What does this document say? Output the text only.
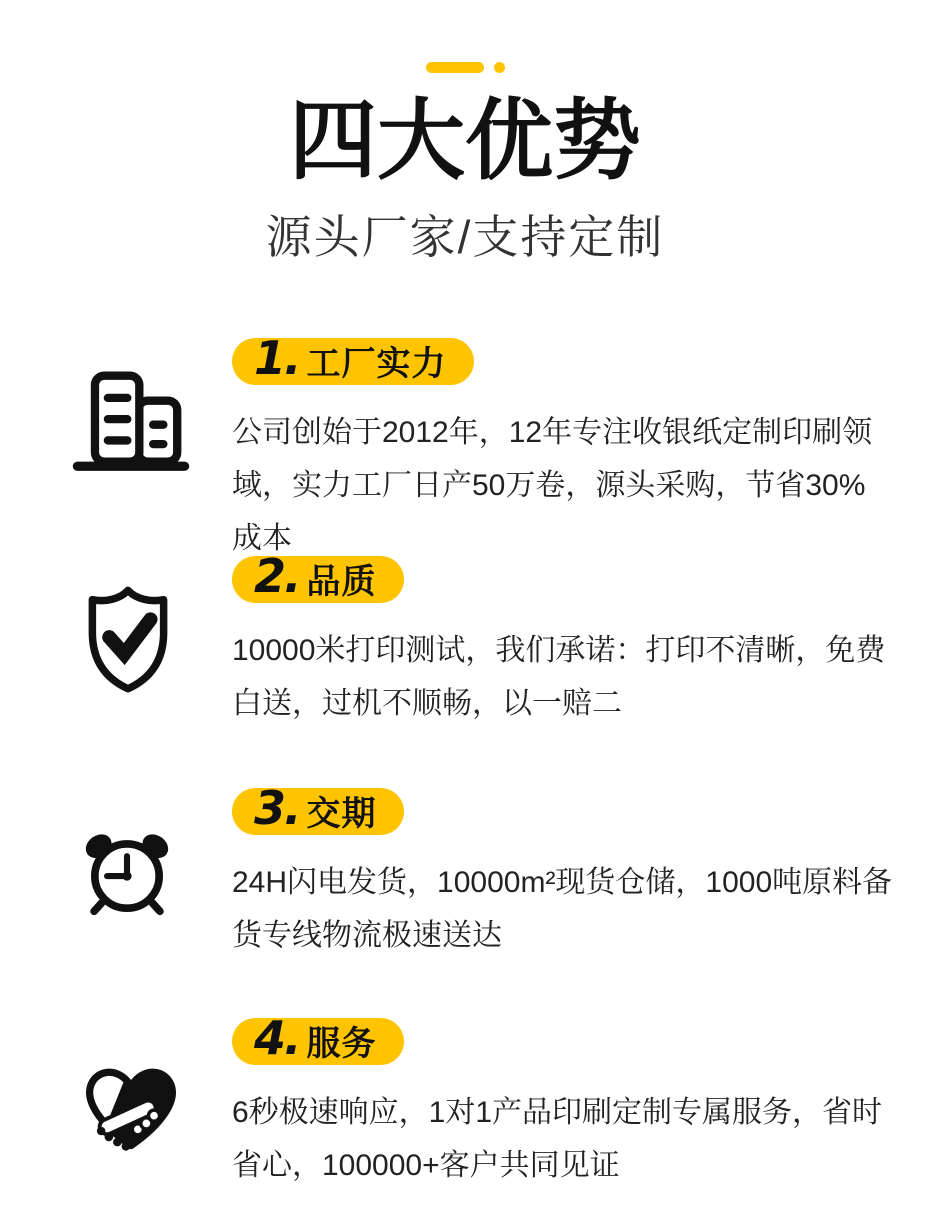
四大优势

源头厂家/支持定制

1. 工厂实力

公司创始于2012年，12年专注收银纸定制印刷领域，实力工厂日产50万卷，源头采购，节省30%成本

2. 品质

10000米打印测试，我们承诺：打印不清晰，免费白送，过机不顺畅，以一赔二

3. 交期

24H闪电发货，10000m²现货仓储，1000吨原料备货专线物流极速送达

4. 服务

6秒极速响应，1对1产品印刷定制专属服务，省时省心，100000+客户共同见证
